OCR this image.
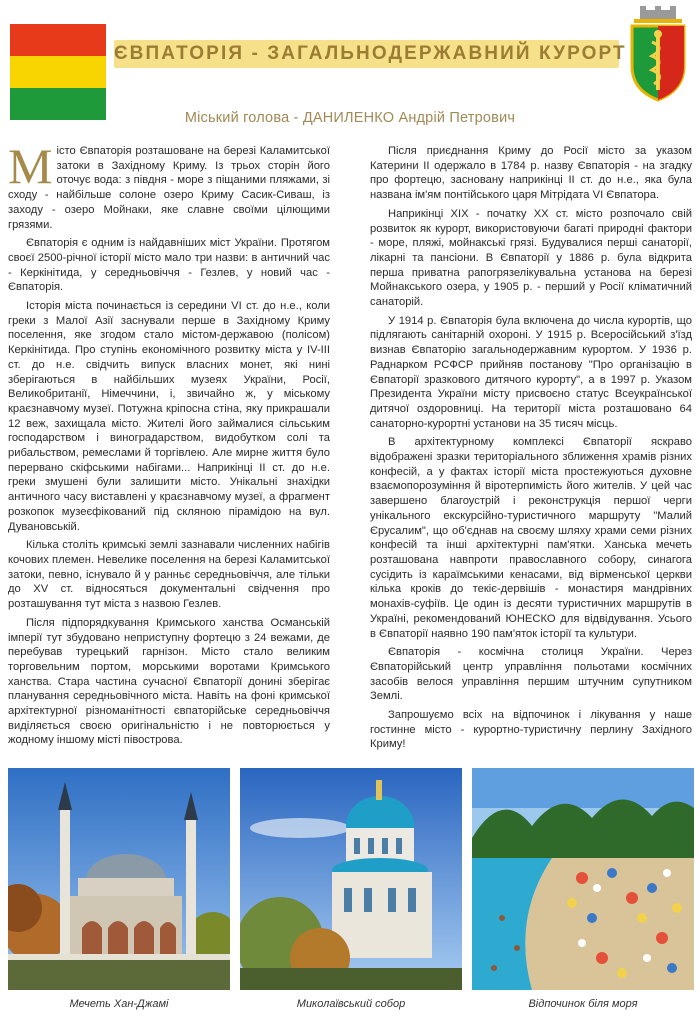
ЄВПАТОРІЯ - ЗАГАЛЬНОДЕРЖАВНИЙ КУРОРТ
Міський голова - ДАНИЛЕНКО Андрій Петрович

Місто Євпаторія розташоване на березі Каламитської затоки в Західному Криму. Із трьох сторін його оточує вода: з півдня - море з піщаними пляжами, зі сходу - найбільше солоне озеро Криму Сасик-Сиваш, із заходу - озеро Мойнаки, яке славне своїми цілющими грязями.

Євпаторія є одним із найдавніших міст України. Протягом своєї 2500-річної історії місто мало три назви: в античний час - Керкінітида, у середньовіччя - Гезлев, у новий час - Євпаторія.

Історія міста починається із середини VI ст. до н.е., коли греки з Малої Азії заснували перше в Західному Криму поселення, яке згодом стало містом-державою (полісом) Керкінітида. Про ступінь економічного розвитку міста у IV-III ст. до н.е. свідчить випуск власних монет, які нині зберігаються в найбільших музеях України, Росії, Великобританії, Німеччини, і, звичайно ж, у міському краєзнавчому музеї. Потужна кріпосна стіна, яку прикрашали 12 веж, захищала місто. Жителі його займалися сільським господарством і виноградарством, видобутком солі та рибальством, ремеслами й торгівлею. Але мирне життя було перервано скіфськими набігами... Наприкінці II ст. до н.е. греки змушені були залишити місто. Унікальні знахідки античного часу виставлені у краєзнавчому музеї, а фрагмент розкопок музеєфікований під скляною пірамідою на вул. Дувановській.

Кілька століть кримські землі зазнавали численних набігів кочових племен. Невелике поселення на березі Каламитської затоки, певно, існувало й у ранньє середньовіччя, але тільки до XV ст. відносяться документальні свідчення про розташування тут міста з назвою Гезлев.

Після підпорядкування Кримського ханства Османській імперії тут збудовано неприступну фортецю з 24 вежами, де перебував турецький гарнізон. Місто стало великим торговельним портом, морськими воротами Кримського ханства. Стара частина сучасної Євпаторії донині зберігає планування середньовічного міста. Навіть на фоні кримської архітектурної різноманітності євпаторійське середньовіччя виділяється своєю оригінальністю і не повторюється у жодному іншому місті півострова.

Після приєднання Криму до Росії місто за указом Катерини II одержало в 1784 р. назву Євпаторія - на згадку про фортецю, засновану наприкінці II ст. до н.е., яка була названа ім'ям понтійського царя Мітрідата VI Євпатора.

Наприкінці XIX - початку XX ст. місто розпочало свій розвиток як курорт, використовуючи багаті природні фактори - море, пляжі, мойнакські грязі. Будувалися перші санаторії, лікарні та пансіони. В Євпаторії у 1886 р. була відкрита перша приватна рапогрязелікувальна установа на березі Мойнакського озера, у 1905 р. - перший у Росії кліматичний санаторій.

У 1914 р. Євпаторія була включена до числа курортів, що підлягають санітарній охороні. У 1915 р. Всеросійський з'їзд визнав Євпаторію загальнодержавним курортом. У 1936 р. Раднарком РСФСР прийняв постанову "Про організацію в Євпаторії зразкового дитячого курорту", а в 1997 р. Указом Президента України місту присвоєно статус Всеукраїнської дитячої оздоровниці. На території міста розташовано 64 санаторно-курортні установи на 35 тисяч місць.

В архітектурному комплексі Євпаторії яскраво відображені зразки територіального зближення храмів різних конфесій, а у фактах історії міста простежуються духовне взаємопорозуміння й віротерпимість його жителів. У цей час завершено благоустрій і реконструкція першої черги унікального екскурсійно-туристичного маршруту "Малий Єрусалим", що об'єднав на своєму шляху храми семи різних конфесій та інші архітектурні пам'ятки. Ханська мечеть розташована навпроти православного собору, синагога сусідить із караїмськими кенасами, від вірменської церкви кілька кроків до текіє-дервішів - монастиря мандрівних монахів-суфіїв. Це один із десяти туристичних маршрутів в Україні, рекомендований ЮНЕСКО для відвідування. Усього в Євпаторії наявно 190 пам'яток історії та культури.

Євпаторія - космічна столиця України. Через Євпаторійський центр управління польотами космічних засобів велося управління першим штучним супутником Землі.

Запрошуємо всіх на відпочинок і лікування у наше гостинне місто - курортно-туристичну перлину Західного Криму!

Мечеть Хан-Джамі	Миколаївський собор	Відпочинок біля моря
